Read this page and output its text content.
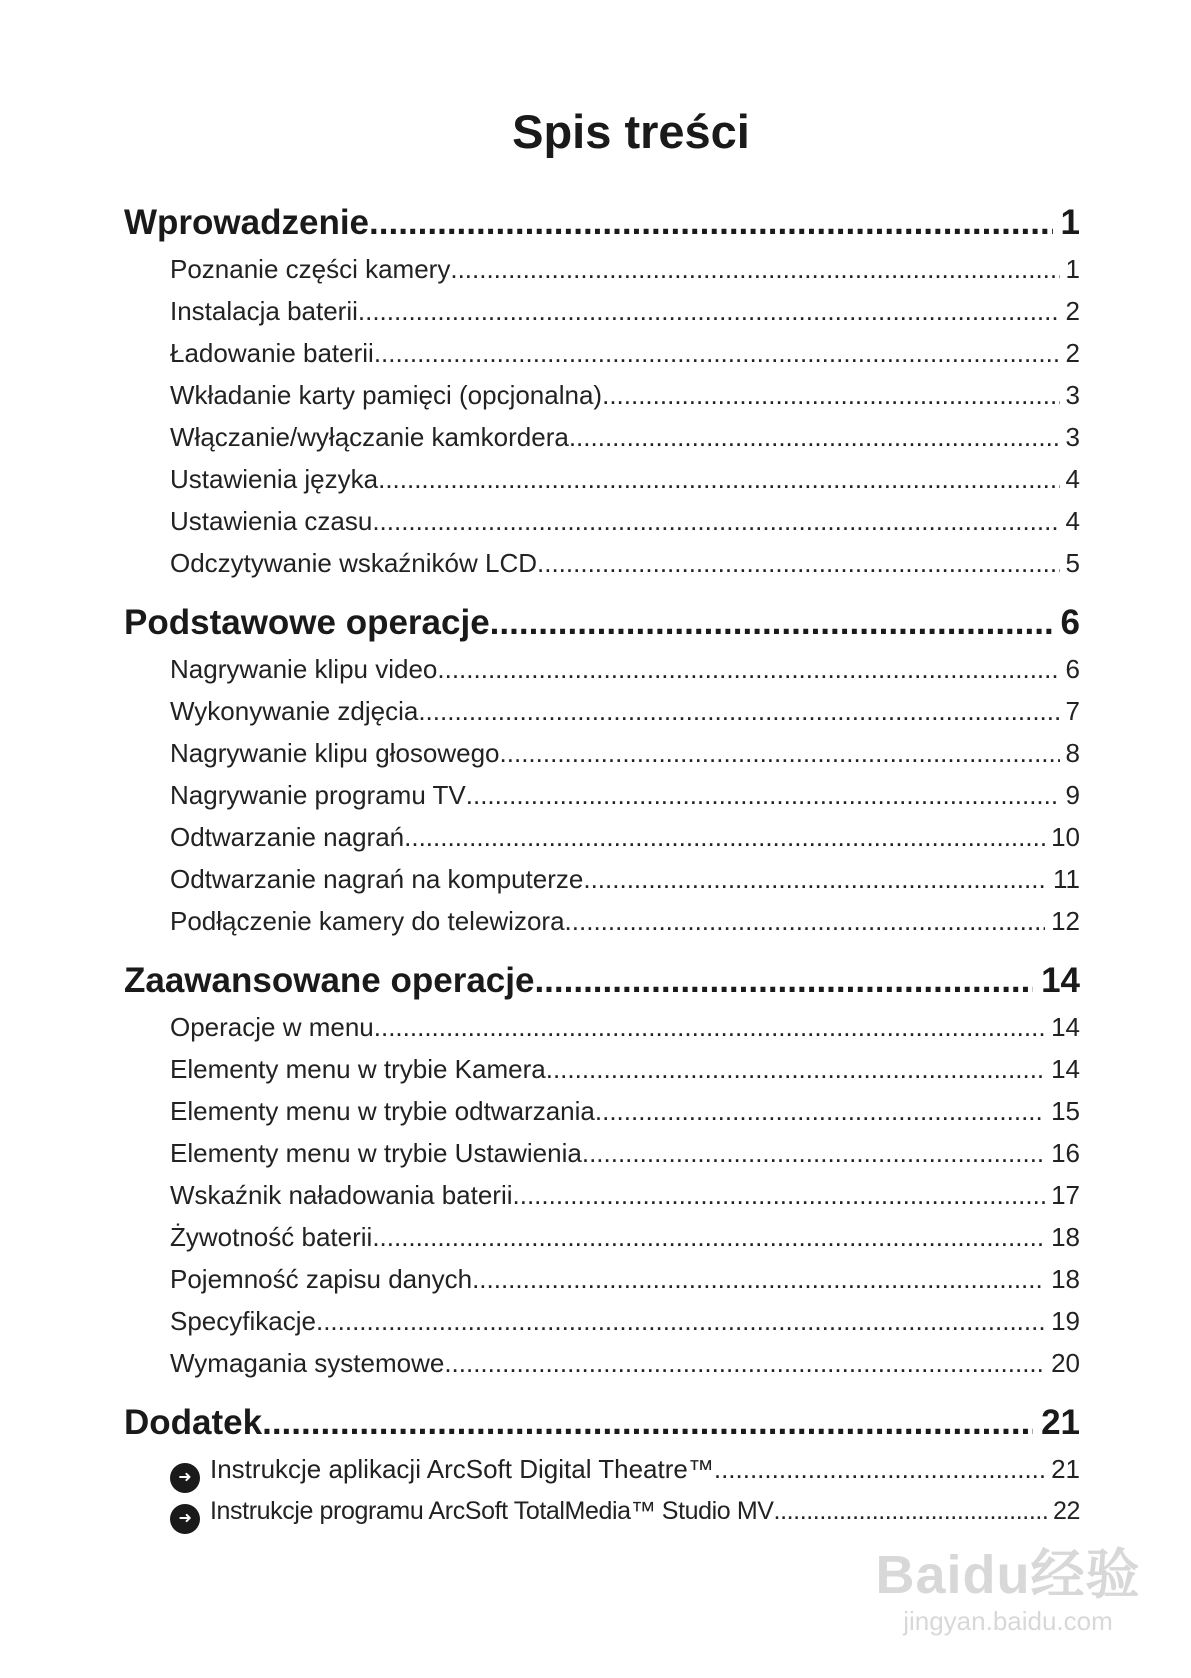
Spis treści
Wprowadzenie .....	1
Poznanie części kamery .....	1
Instalacja baterii .....	2
Ładowanie baterii .....	2
Wkładanie karty pamięci (opcjonalna) .....	3
Włączanie/wyłączanie kamkordera .....	3
Ustawienia języka .....	4
Ustawienia czasu .....	4
Odczytywanie wskaźników LCD .....	5
Podstawowe operacje .....	6
Nagrywanie klipu video .....	6
Wykonywanie zdjęcia .....	7
Nagrywanie klipu głosowego .....	8
Nagrywanie programu TV .....	9
Odtwarzanie nagrań .....	10
Odtwarzanie nagrań na komputerze .....	11
Podłączenie kamery do telewizora .....	12
Zaawansowane operacje .....	14
Operacje w menu .....	14
Elementy menu w trybie Kamera .....	14
Elementy menu w trybie odtwarzania .....	15
Elementy menu w trybie Ustawienia .....	16
Wskaźnik naładowania baterii .....	17
Żywotność baterii .....	18
Pojemność zapisu danych .....	18
Specyfikacje .....	19
Wymagania systemowe .....	20
Dodatek .....	21
➜ Instrukcje aplikacji ArcSoft Digital Theatre™ .....	21
➜ Instrukcje programu ArcSoft TotalMedia™ Studio MV .....	22
Baidu经验
jingyan.baidu.com
